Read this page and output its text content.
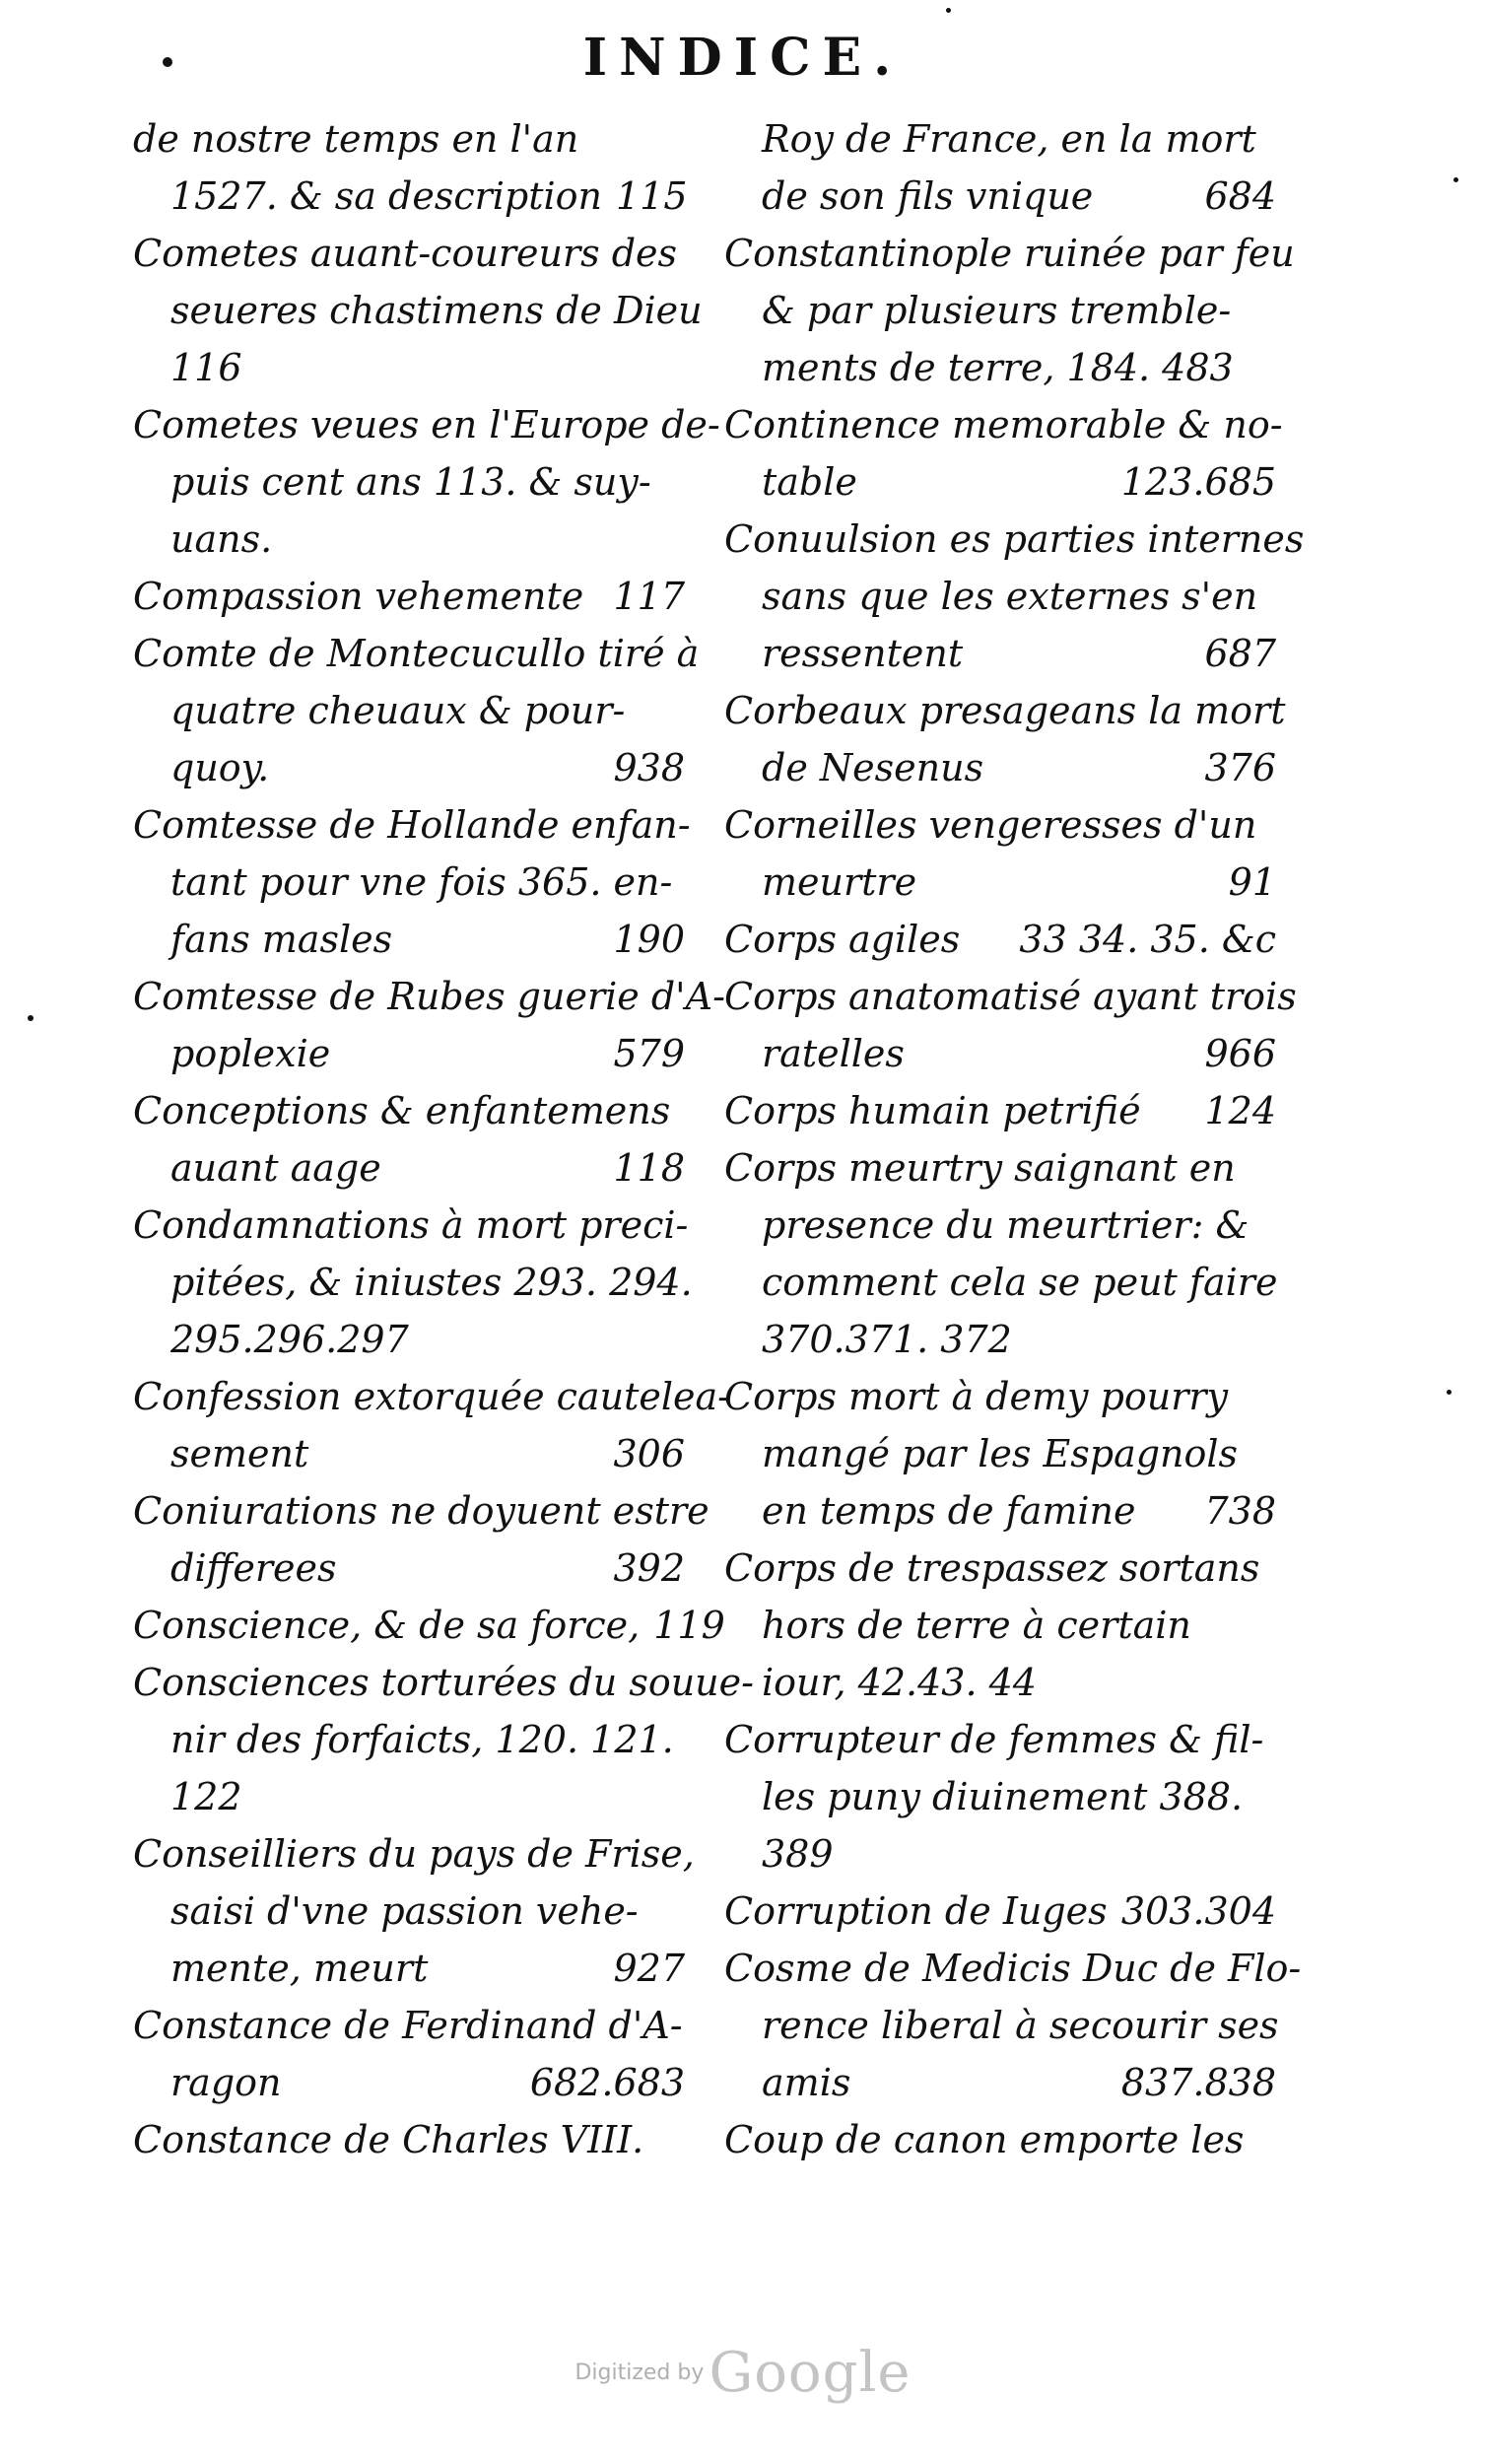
INDICE.
de nostre temps en l'an
1527. & sa description 115
Cometes auant-coureurs des
seueres chastimens de Dieu
116
Cometes veues en l'Europe de-
puis cent ans 113. & suy-
uans.
Compassion vehemente 117
Comte de Montecucullo tiré à
quatre cheuaux & pour-
quoy.	938
Comtesse de Hollande enfan-
tant pour vne fois 365. en-
fans masles	190
Comtesse de Rubes guerie d'A-
poplexie	579
Conceptions & enfantemens
auant aage	118
Condamnations à mort preci-
pitées, & iniustes 293. 294.
295.296.297
Confession extorquée cautelea-
sement	306
Coniurations ne doyuent estre
differees	392
Conscience, & de sa force, 119
Consciences torturées du souue-
nir des forfaicts, 120. 121.
122
Conseilliers du pays de Frise,
saisi d'vne passion vehe-
mente, meurt	927
Constance de Ferdinand d'A-
ragon	682.683
Constance de Charles VIII.
Roy de France, en la mort
de son fils vnique	684
Constantinople ruinée par feu
& par plusieurs tremble-
ments de terre, 184. 483
Continence memorable & no-
table	123.685
Conuulsion es parties internes
sans que les externes s'en
ressentent	687
Corbeaux presageans la mort
de Nesenus	376
Corneilles vengeresses d'un
meurtre	91
Corps agiles 33 34. 35. &c
Corps anatomatisé ayant trois
ratelles	966
Corps humain petrifié 124
Corps meurtry saignant en
presence du meurtrier: &
comment cela se peut faire
370.371. 372
Corps mort à demy pourry
mangé par les Espagnols
en temps de famine 738
Corps de trespassez sortans
hors de terre à certain
iour, 42.43. 44
Corrupteur de femmes & fil-
les puny diuinement 388.
389
Corruption de Iuges 303.304
Cosme de Medicis Duc de Flo-
rence liberal à secourir ses
amis	837.838
Coup de canon emporte les
Digitized by Google
